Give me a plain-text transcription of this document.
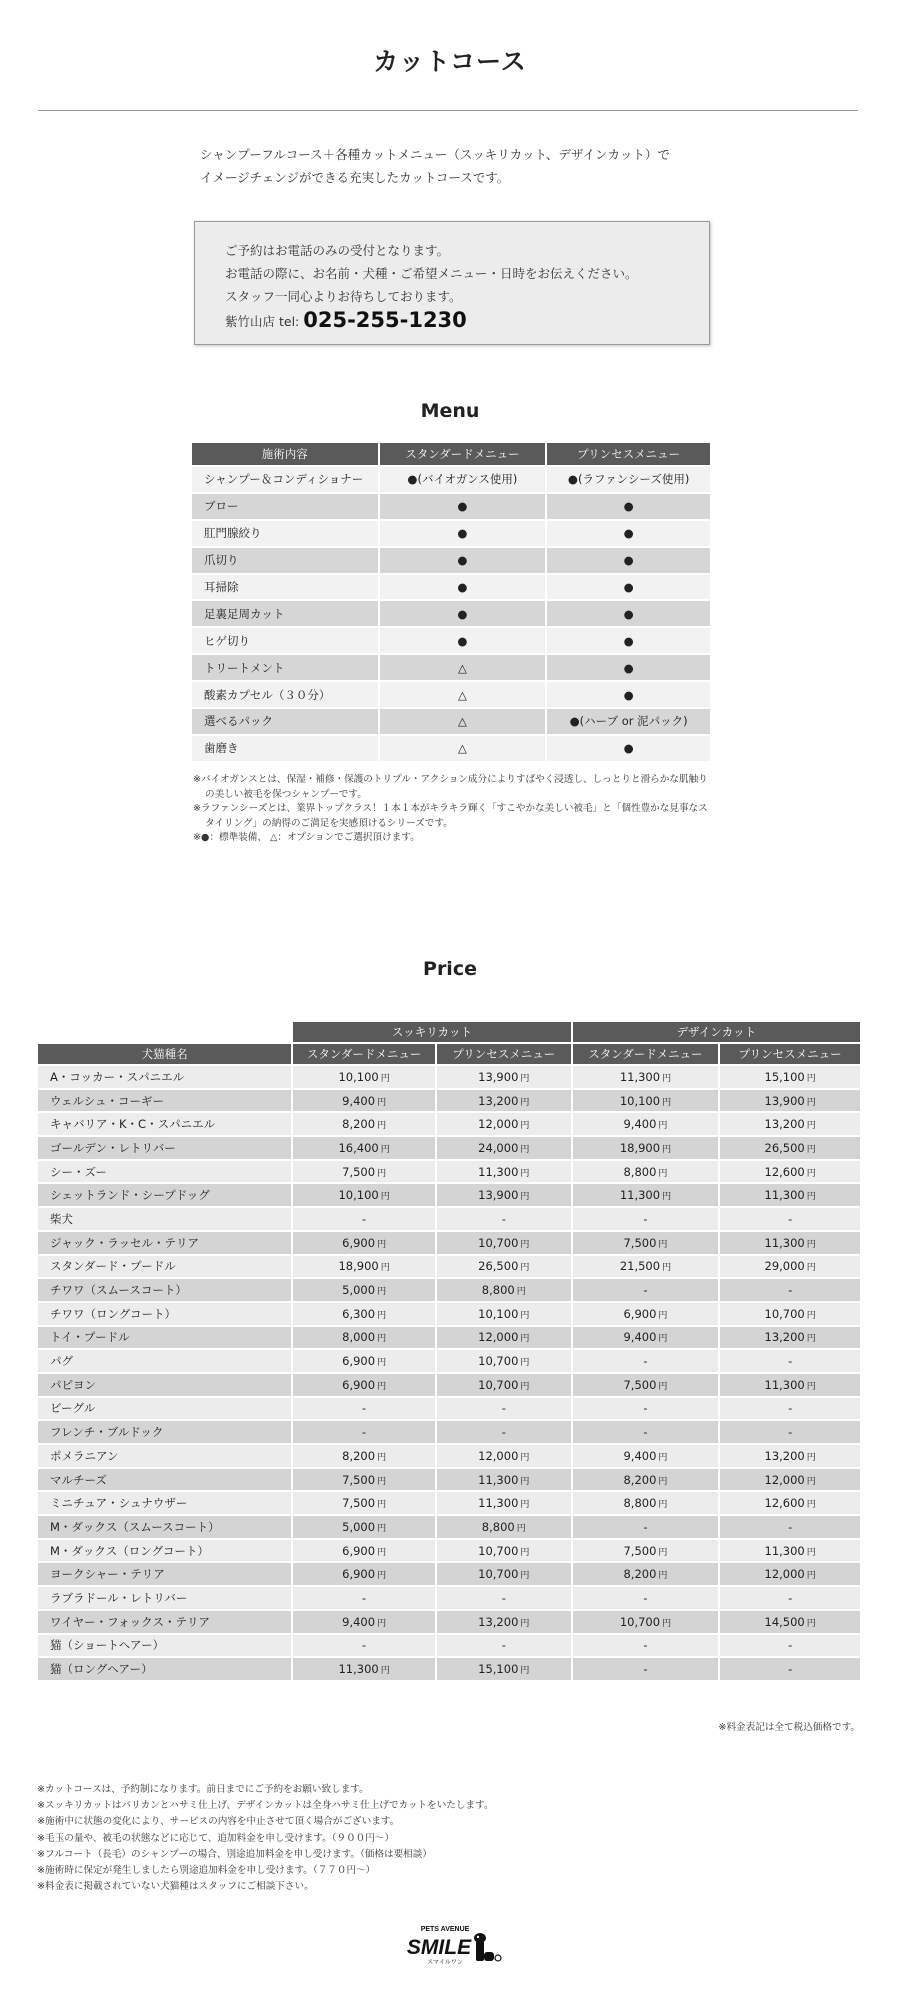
カットコース
シャンプーフルコース＋各種カットメニュー（スッキリカット、デザインカット）で
イメージチェンジができる充実したカットコースです。
ご予約はお電話のみの受付となります。
お電話の際に、お名前・犬種・ご希望メニュー・日時をお伝えください。
スタッフ一同心よりお待ちしております。
紫竹山店 tel: 025-255-1230
Menu
施術内容	スタンダードメニュー	プリンセスメニュー
シャンプー＆コンディショナー	●(バイオガンス使用)	●(ラファンシーズ使用)
ブロー	●	●
肛門腺絞り	●	●
爪切り	●	●
耳掃除	●	●
足裏足周カット	●	●
ヒゲ切り	●	●
トリートメント	△	●
酸素カプセル（３０分）	△	●
選べるパック	△	●(ハーブ or 泥パック)
歯磨き	△	●
※バイオガンスとは、保湿・補修・保護のトリプル・アクション成分によりすばやく浸透し、しっとりと滑らかな肌触りの美しい被毛を保つシャンプーです。
※ラファンシーズとは、業界トップクラス！１本１本がキラキラ輝く「すこやかな美しい被毛」と「個性豊かな見事なスタイリング」の納得のご満足を実感頂けるシリーズです。
※●：標準装備、 △：オプションでご選択頂けます。
Price
	スッキリカット		デザインカット	
犬猫種名	スタンダードメニュー	プリンセスメニュー	スタンダードメニュー	プリンセスメニュー
A・コッカー・スパニエル	10,100 円	13,900 円	11,300 円	15,100 円
ウェルシュ・コーギー	9,400 円	13,200 円	10,100 円	13,900 円
キャバリア・K・C・スパニエル	8,200 円	12,000 円	9,400 円	13,200 円
ゴールデン・レトリバー	16,400 円	24,000 円	18,900 円	26,500 円
シー・ズー	7,500 円	11,300 円	8,800 円	12,600 円
シェットランド・シープドッグ	10,100 円	13,900 円	11,300 円	11,300 円
柴犬	-	-	-	-
ジャック・ラッセル・テリア	6,900 円	10,700 円	7,500 円	11,300 円
スタンダード・プードル	18,900 円	26,500 円	21,500 円	29,000 円
チワワ（スムースコート）	5,000 円	8,800 円	-	-
チワワ（ロングコート）	6,300 円	10,100 円	6,900 円	10,700 円
トイ・プードル	8,000 円	12,000 円	9,400 円	13,200 円
パグ	6,900 円	10,700 円	-	-
パピヨン	6,900 円	10,700 円	7,500 円	11,300 円
ビーグル	-	-	-	-
フレンチ・ブルドック	-	-	-	-
ポメラニアン	8,200 円	12,000 円	9,400 円	13,200 円
マルチーズ	7,500 円	11,300 円	8,200 円	12,000 円
ミニチュア・シュナウザー	7,500 円	11,300 円	8,800 円	12,600 円
M・ダックス（スムースコート）	5,000 円	8,800 円	-	-
M・ダックス（ロングコート）	6,900 円	10,700 円	7,500 円	11,300 円
ヨークシャー・テリア	6,900 円	10,700 円	8,200 円	12,000 円
ラブラドール・レトリバー	-	-	-	-
ワイヤー・フォックス・テリア	9,400 円	13,200 円	10,700 円	14,500 円
猫（ショートヘアー）	-	-	-	-
猫（ロングヘアー）	11,300 円	15,100 円	-	-
※料金表記は全て税込価格です。
※カットコースは、予約制になります。前日までにご予約をお願い致します。
※スッキリカットはバリカンとハサミ仕上げ、デザインカットは全身ハサミ仕上げでカットをいたします。
※施術中に状態の変化により、サービスの内容を中止させて頂く場合がございます。
※毛玉の量や、被毛の状態などに応じて、追加料金を申し受けます。（９００円〜）
※フルコート（長毛）のシャンプーの場合、別途追加料金を申し受けます。（価格は要相談）
※施術時に保定が発生しましたら別途追加料金を申し受けます。（７７０円〜）
※料金表に掲載されていない犬猫種はスタッフにご相談下さい。
PETS AVENUE
SMILE
スマイルワン
